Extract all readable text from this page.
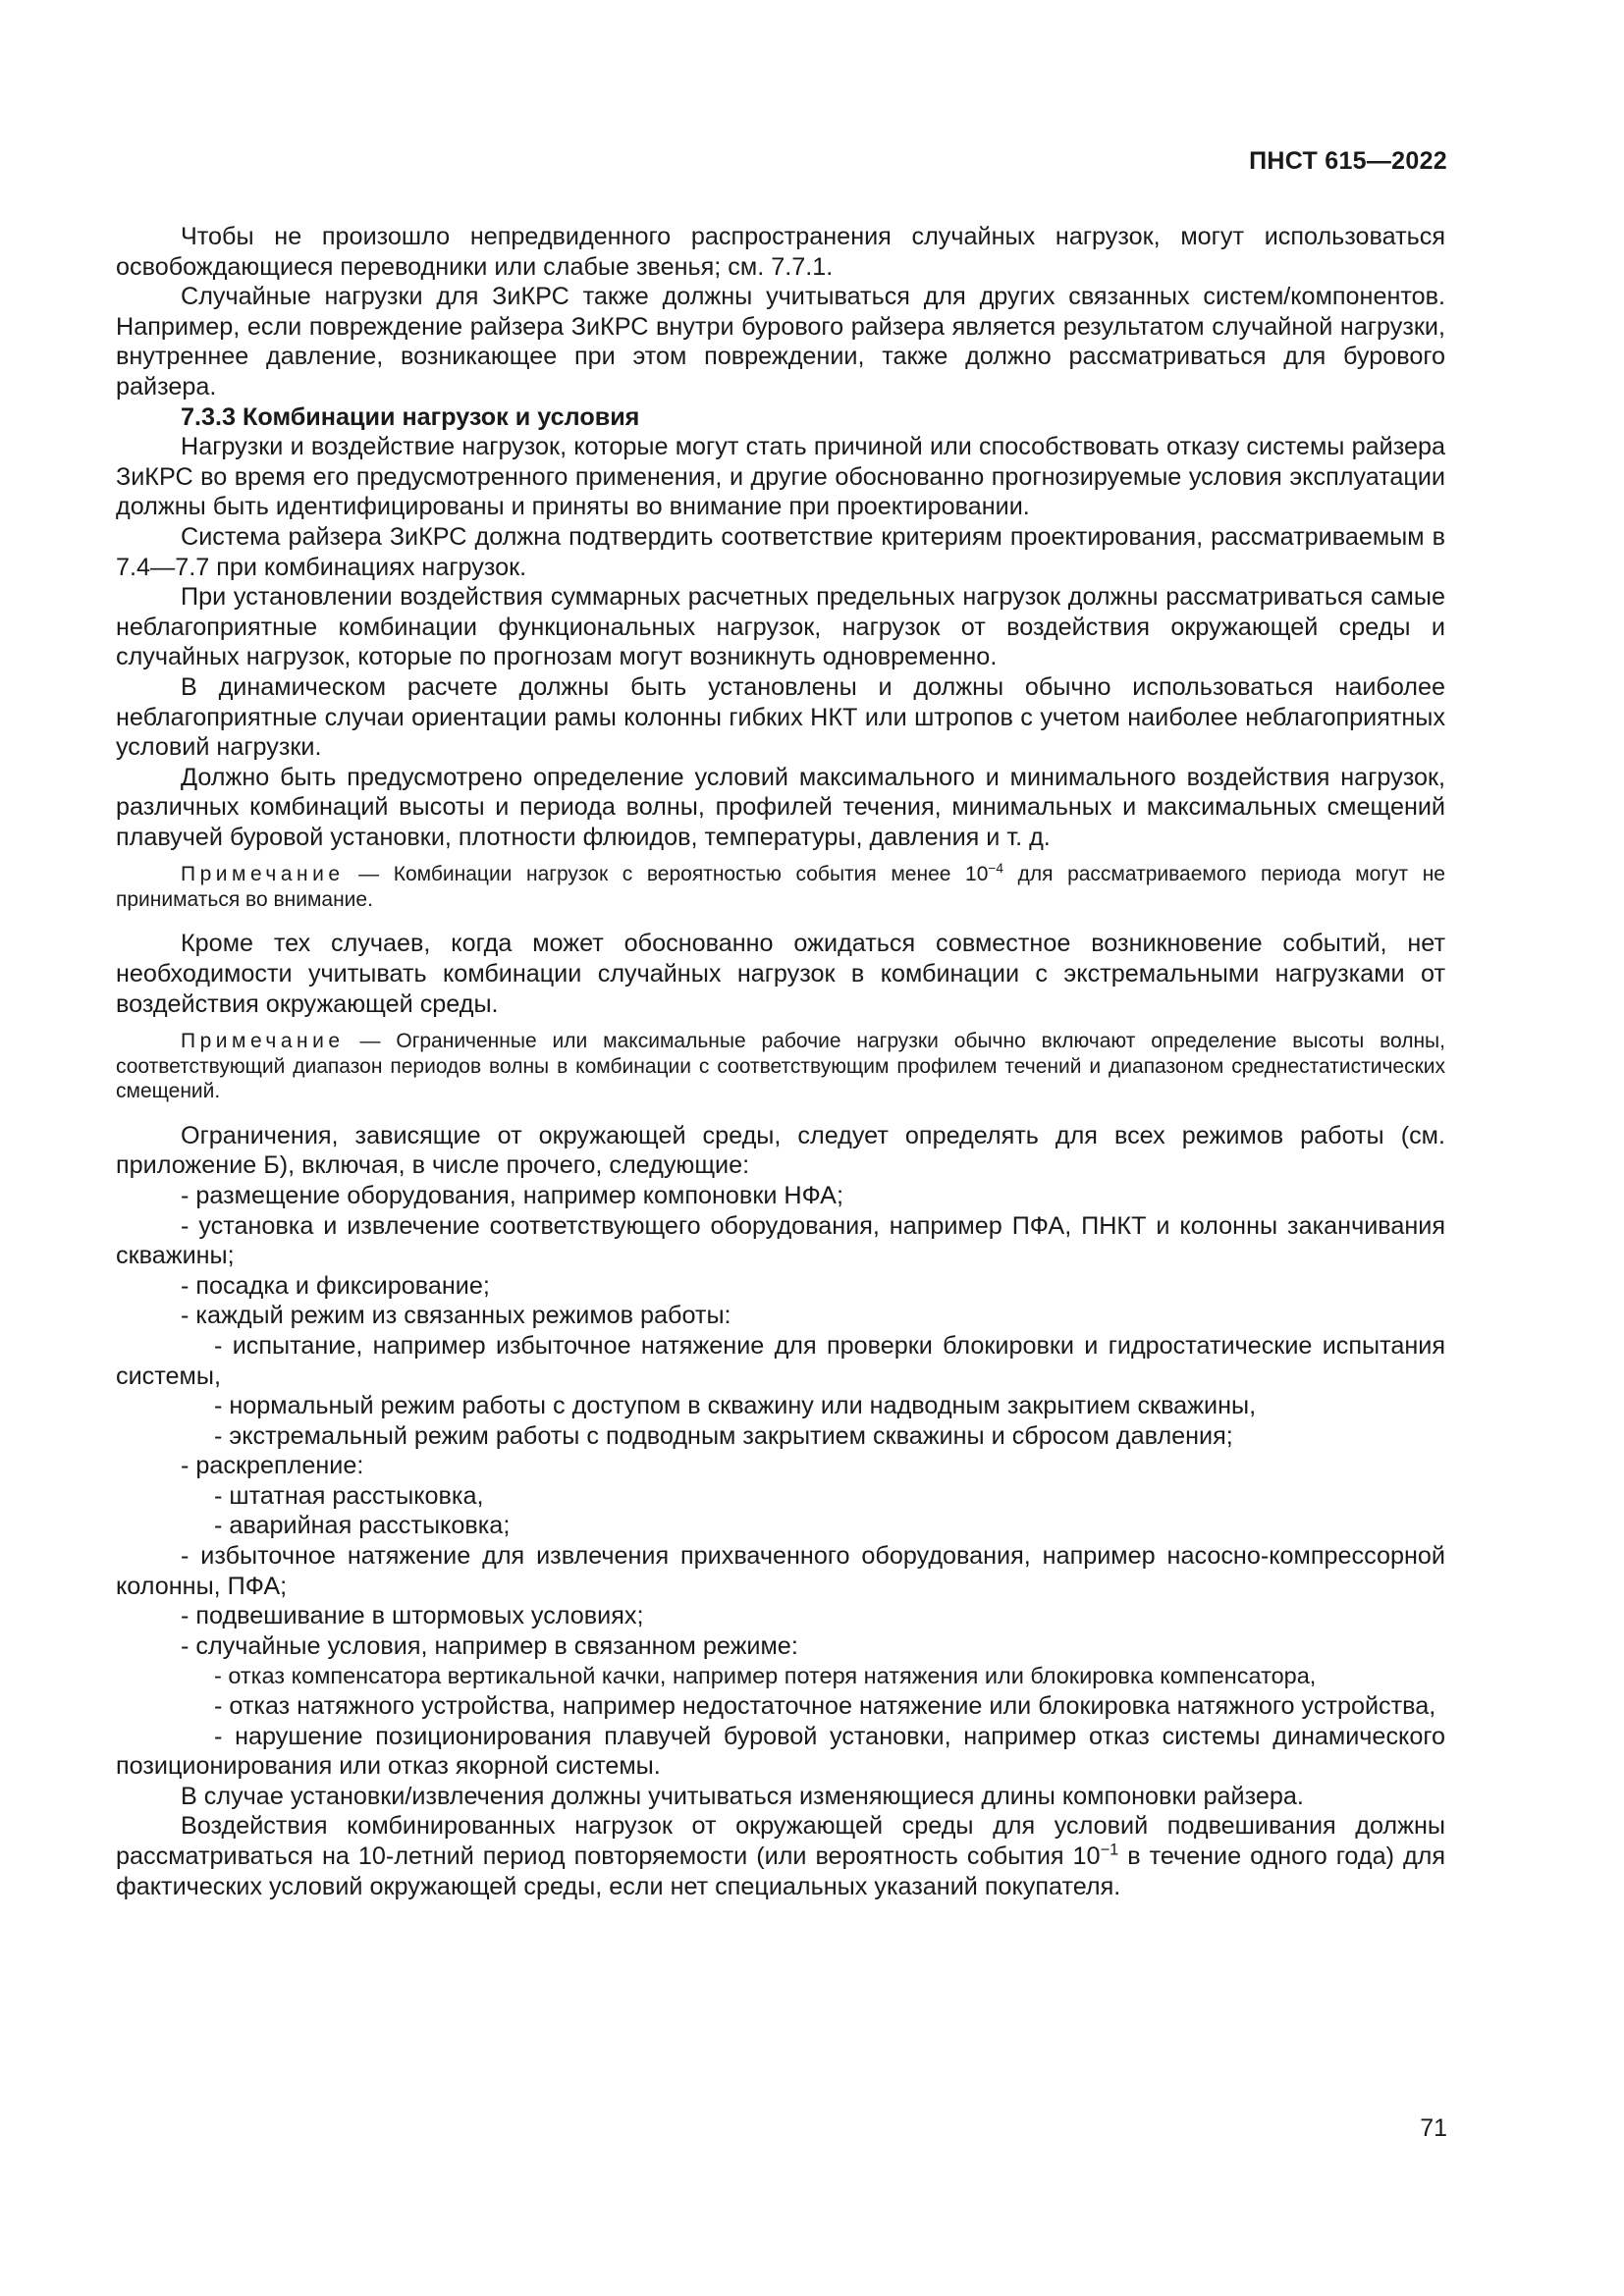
ПНСТ 615—2022

Чтобы не произошло непредвиденного распространения случайных нагрузок, могут использоваться освобождающиеся переводники или слабые звенья; см. 7.7.1.

Случайные нагрузки для ЗиКРС также должны учитываться для других связанных систем/компонентов. Например, если повреждение райзера ЗиКРС внутри бурового райзера является результатом случайной нагрузки, внутреннее давление, возникающее при этом повреждении, также должно рассматриваться для бурового райзера.

7.3.3 Комбинации нагрузок и условия

Нагрузки и воздействие нагрузок, которые могут стать причиной или способствовать отказу системы райзера ЗиКРС во время его предусмотренного применения, и другие обоснованно прогнозируемые условия эксплуатации должны быть идентифицированы и приняты во внимание при проектировании.

Система райзера ЗиКРС должна подтвердить соответствие критериям проектирования, рассматриваемым в 7.4—7.7 при комбинациях нагрузок.

При установлении воздействия суммарных расчетных предельных нагрузок должны рассматриваться самые неблагоприятные комбинации функциональных нагрузок, нагрузок от воздействия окружающей среды и случайных нагрузок, которые по прогнозам могут возникнуть одновременно.

В динамическом расчете должны быть установлены и должны обычно использоваться наиболее неблагоприятные случаи ориентации рамы колонны гибких НКТ или штропов с учетом наиболее неблагоприятных условий нагрузки.

Должно быть предусмотрено определение условий максимального и минимального воздействия нагрузок, различных комбинаций высоты и периода волны, профилей течения, минимальных и максимальных смещений плавучей буровой установки, плотности флюидов, температуры, давления и т. д.

Примечание — Комбинации нагрузок с вероятностью события менее $10^{-4}$ для рассматриваемого периода могут не приниматься во внимание.

Кроме тех случаев, когда может обоснованно ожидаться совместное возникновение событий, нет необходимости учитывать комбинации случайных нагрузок в комбинации с экстремальными нагрузками от воздействия окружающей среды.

Примечание — Ограниченные или максимальные рабочие нагрузки обычно включают определение высоты волны, соответствующий диапазон периодов волны в комбинации с соответствующим профилем течений и диапазоном среднестатистических смещений.

Ограничения, зависящие от окружающей среды, следует определять для всех режимов работы (см. приложение Б), включая, в числе прочего, следующие:

- размещение оборудования, например компоновки НФА;

- установка и извлечение соответствующего оборудования, например ПФА, ПНКТ и колонны заканчивания скважины;

- посадка и фиксирование;

- каждый режим из связанных режимов работы:

- испытание, например избыточное натяжение для проверки блокировки и гидростатические испытания системы,

- нормальный режим работы с доступом в скважину или надводным закрытием скважины,

- экстремальный режим работы с подводным закрытием скважины и сбросом давления;

- раскрепление:

- штатная расстыковка,

- аварийная расстыковка;

- избыточное натяжение для извлечения прихваченного оборудования, например насосно-компрессорной колонны, ПФА;

- подвешивание в штормовых условиях;

- случайные условия, например в связанном режиме:

- отказ компенсатора вертикальной качки, например потеря натяжения или блокировка компенсатора,

- отказ натяжного устройства, например недостаточное натяжение или блокировка натяжного устройства,

- нарушение позиционирования плавучей буровой установки, например отказ системы динамического позиционирования или отказ якорной системы.

В случае установки/извлечения должны учитываться изменяющиеся длины компоновки райзера.

Воздействия комбинированных нагрузок от окружающей среды для условий подвешивания должны рассматриваться на 10-летний период повторяемости (или вероятность события $10^{-1}$ в течение одного года) для фактических условий окружающей среды, если нет специальных указаний покупателя.

71
